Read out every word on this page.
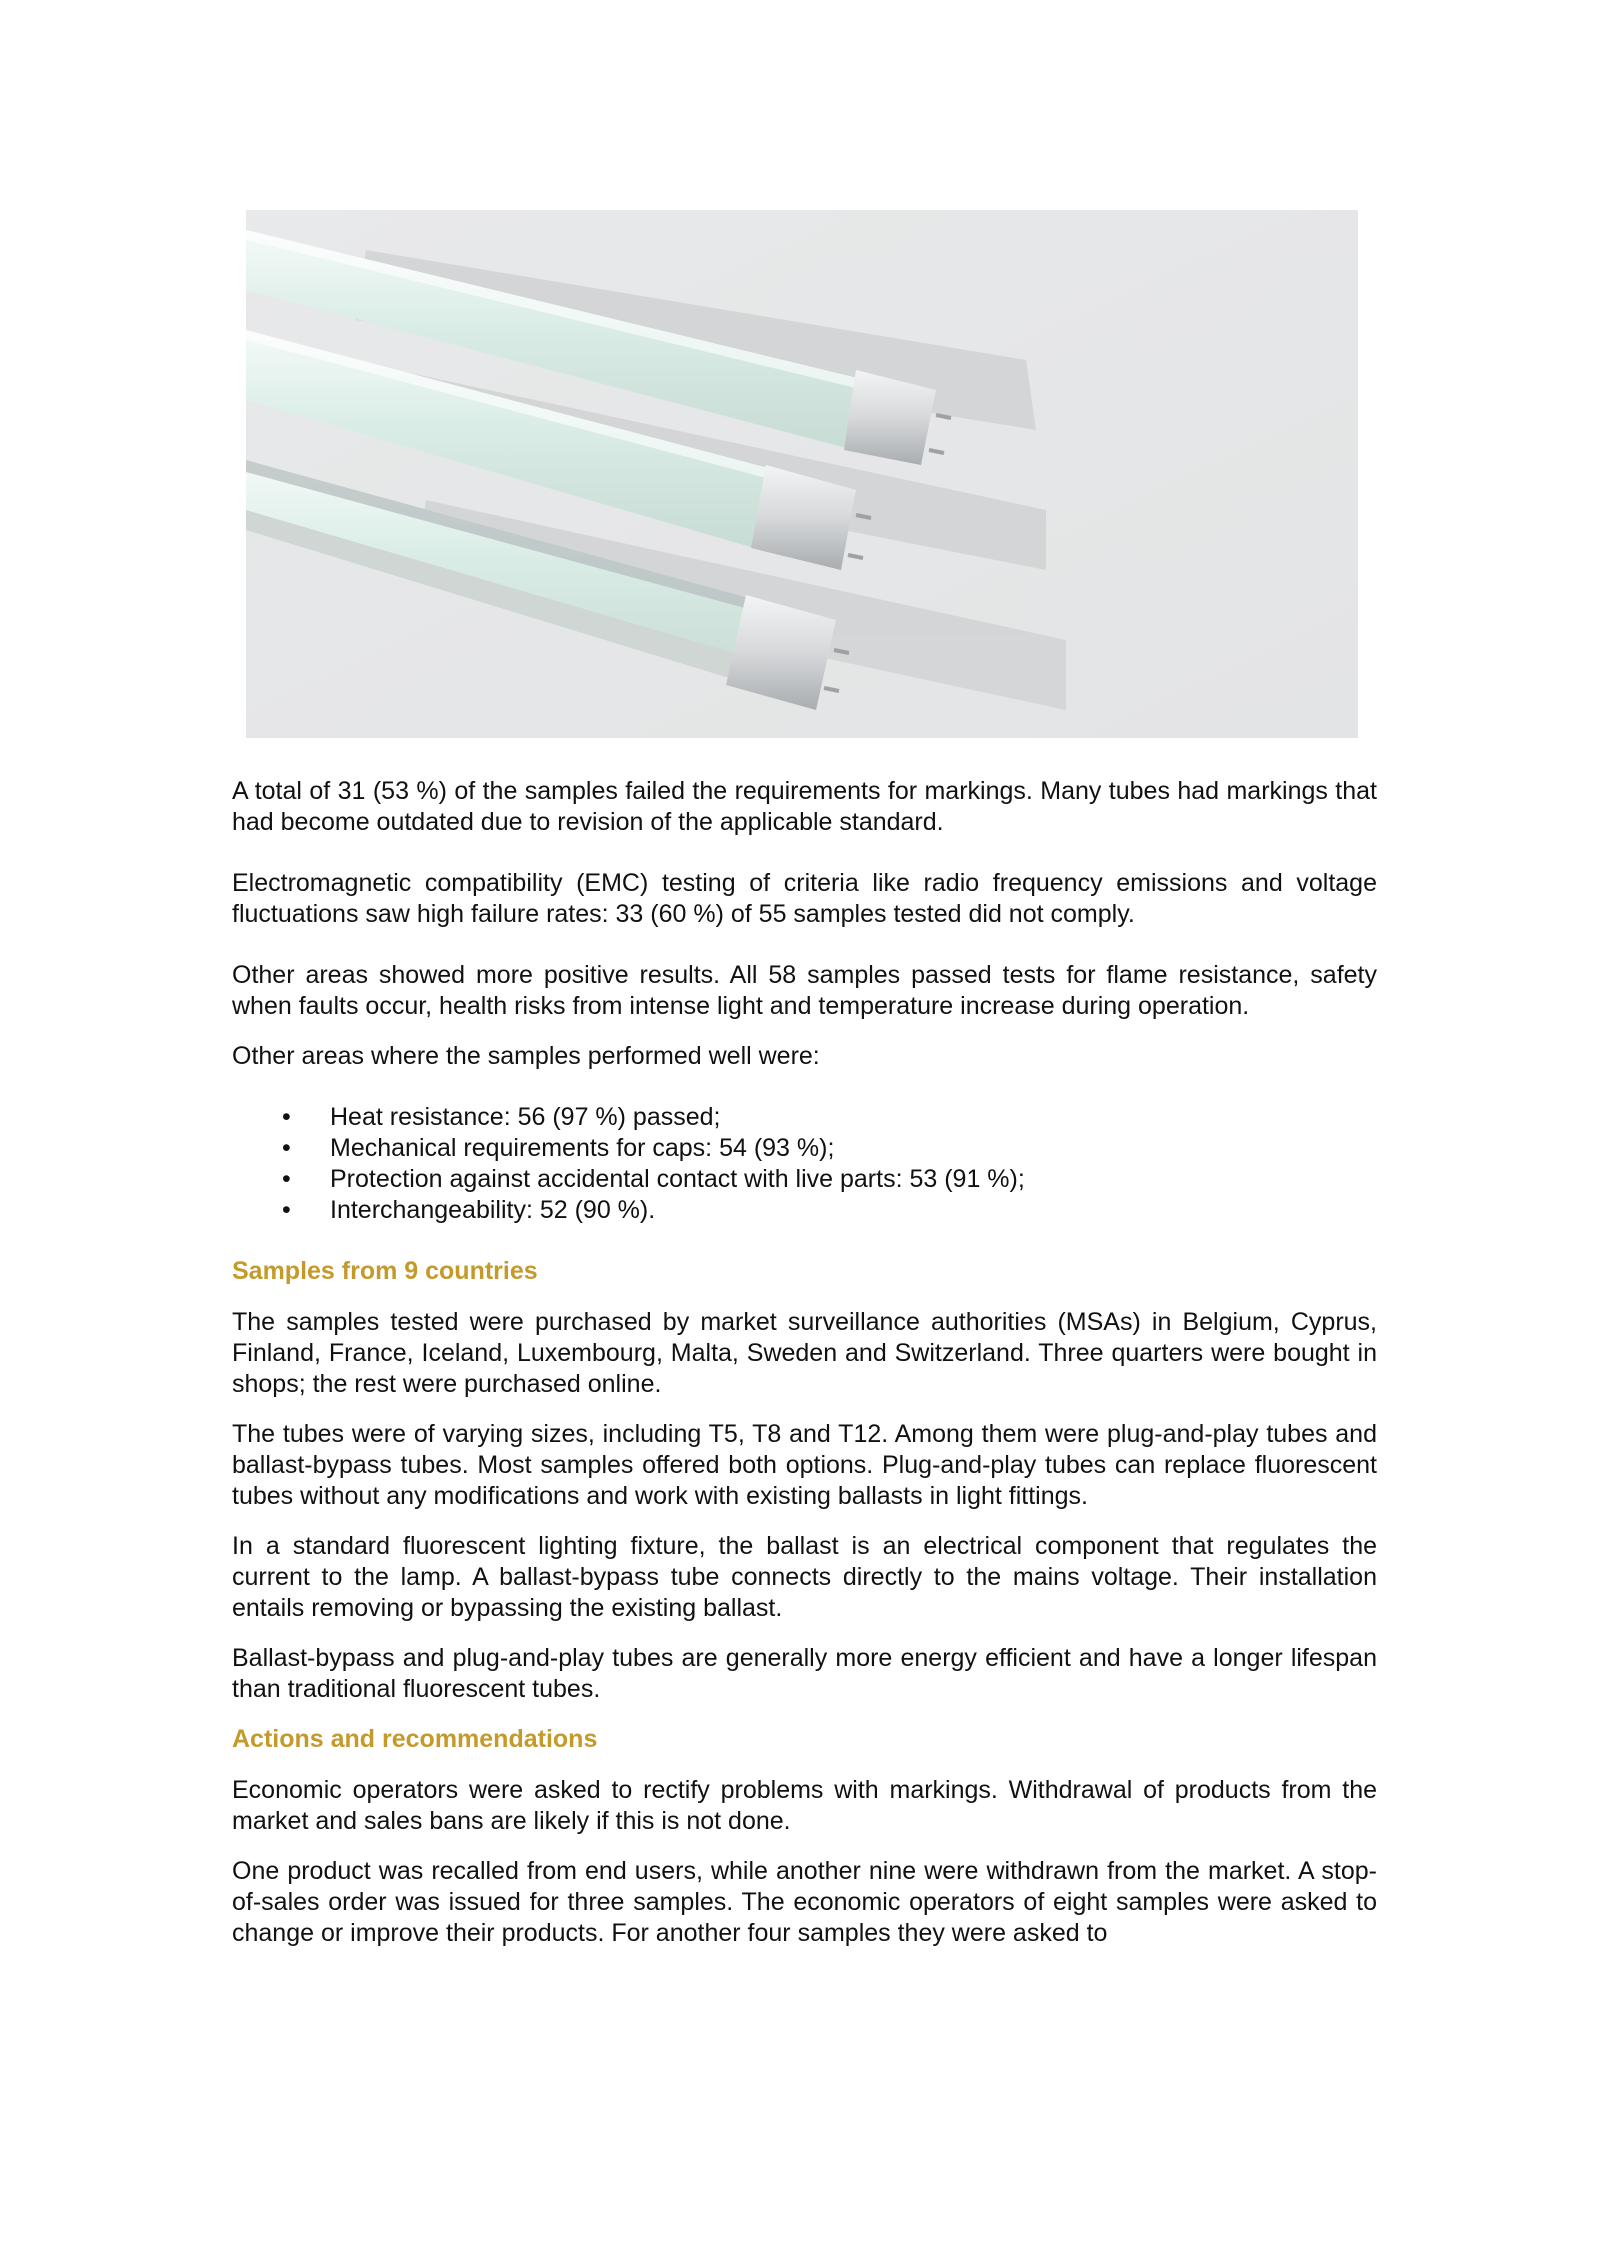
A total of 31 (53 %) of the samples failed the requirements for markings. Many tubes had markings that had become outdated due to revision of the applicable standard.

Electromagnetic compatibility (EMC) testing of criteria like radio frequency emissions and voltage fluctuations saw high failure rates: 33 (60 %) of 55 samples tested did not comply.

Other areas showed more positive results. All 58 samples passed tests for flame resistance, safety when faults occur, health risks from intense light and temperature increase during operation.

Other areas where the samples performed well were:

• Heat resistance: 56 (97 %) passed;
• Mechanical requirements for caps: 54 (93 %);
• Protection against accidental contact with live parts: 53 (91 %);
• Interchangeability: 52 (90 %).
Samples from 9 countries

The samples tested were purchased by market surveillance authorities (MSAs) in Belgium, Cyprus, Finland, France, Iceland, Luxembourg, Malta, Sweden and Switzerland. Three quarters were bought in shops; the rest were purchased online.

The tubes were of varying sizes, including T5, T8 and T12. Among them were plug-and-play tubes and ballast-bypass tubes. Most samples offered both options. Plug-and-play tubes can replace fluorescent tubes without any modifications and work with existing ballasts in light fittings.

In a standard fluorescent lighting fixture, the ballast is an electrical component that regulates the current to the lamp. A ballast-bypass tube connects directly to the mains voltage. Their installation entails removing or bypassing the existing ballast.

Ballast-bypass and plug-and-play tubes are generally more energy efficient and have a longer lifespan than traditional fluorescent tubes.

Actions and recommendations

Economic operators were asked to rectify problems with markings. Withdrawal of products from the market and sales bans are likely if this is not done.

One product was recalled from end users, while another nine were withdrawn from the market. A stop-of-sales order was issued for three samples. The economic operators of eight samples were asked to change or improve their products. For another four samples they were asked to
